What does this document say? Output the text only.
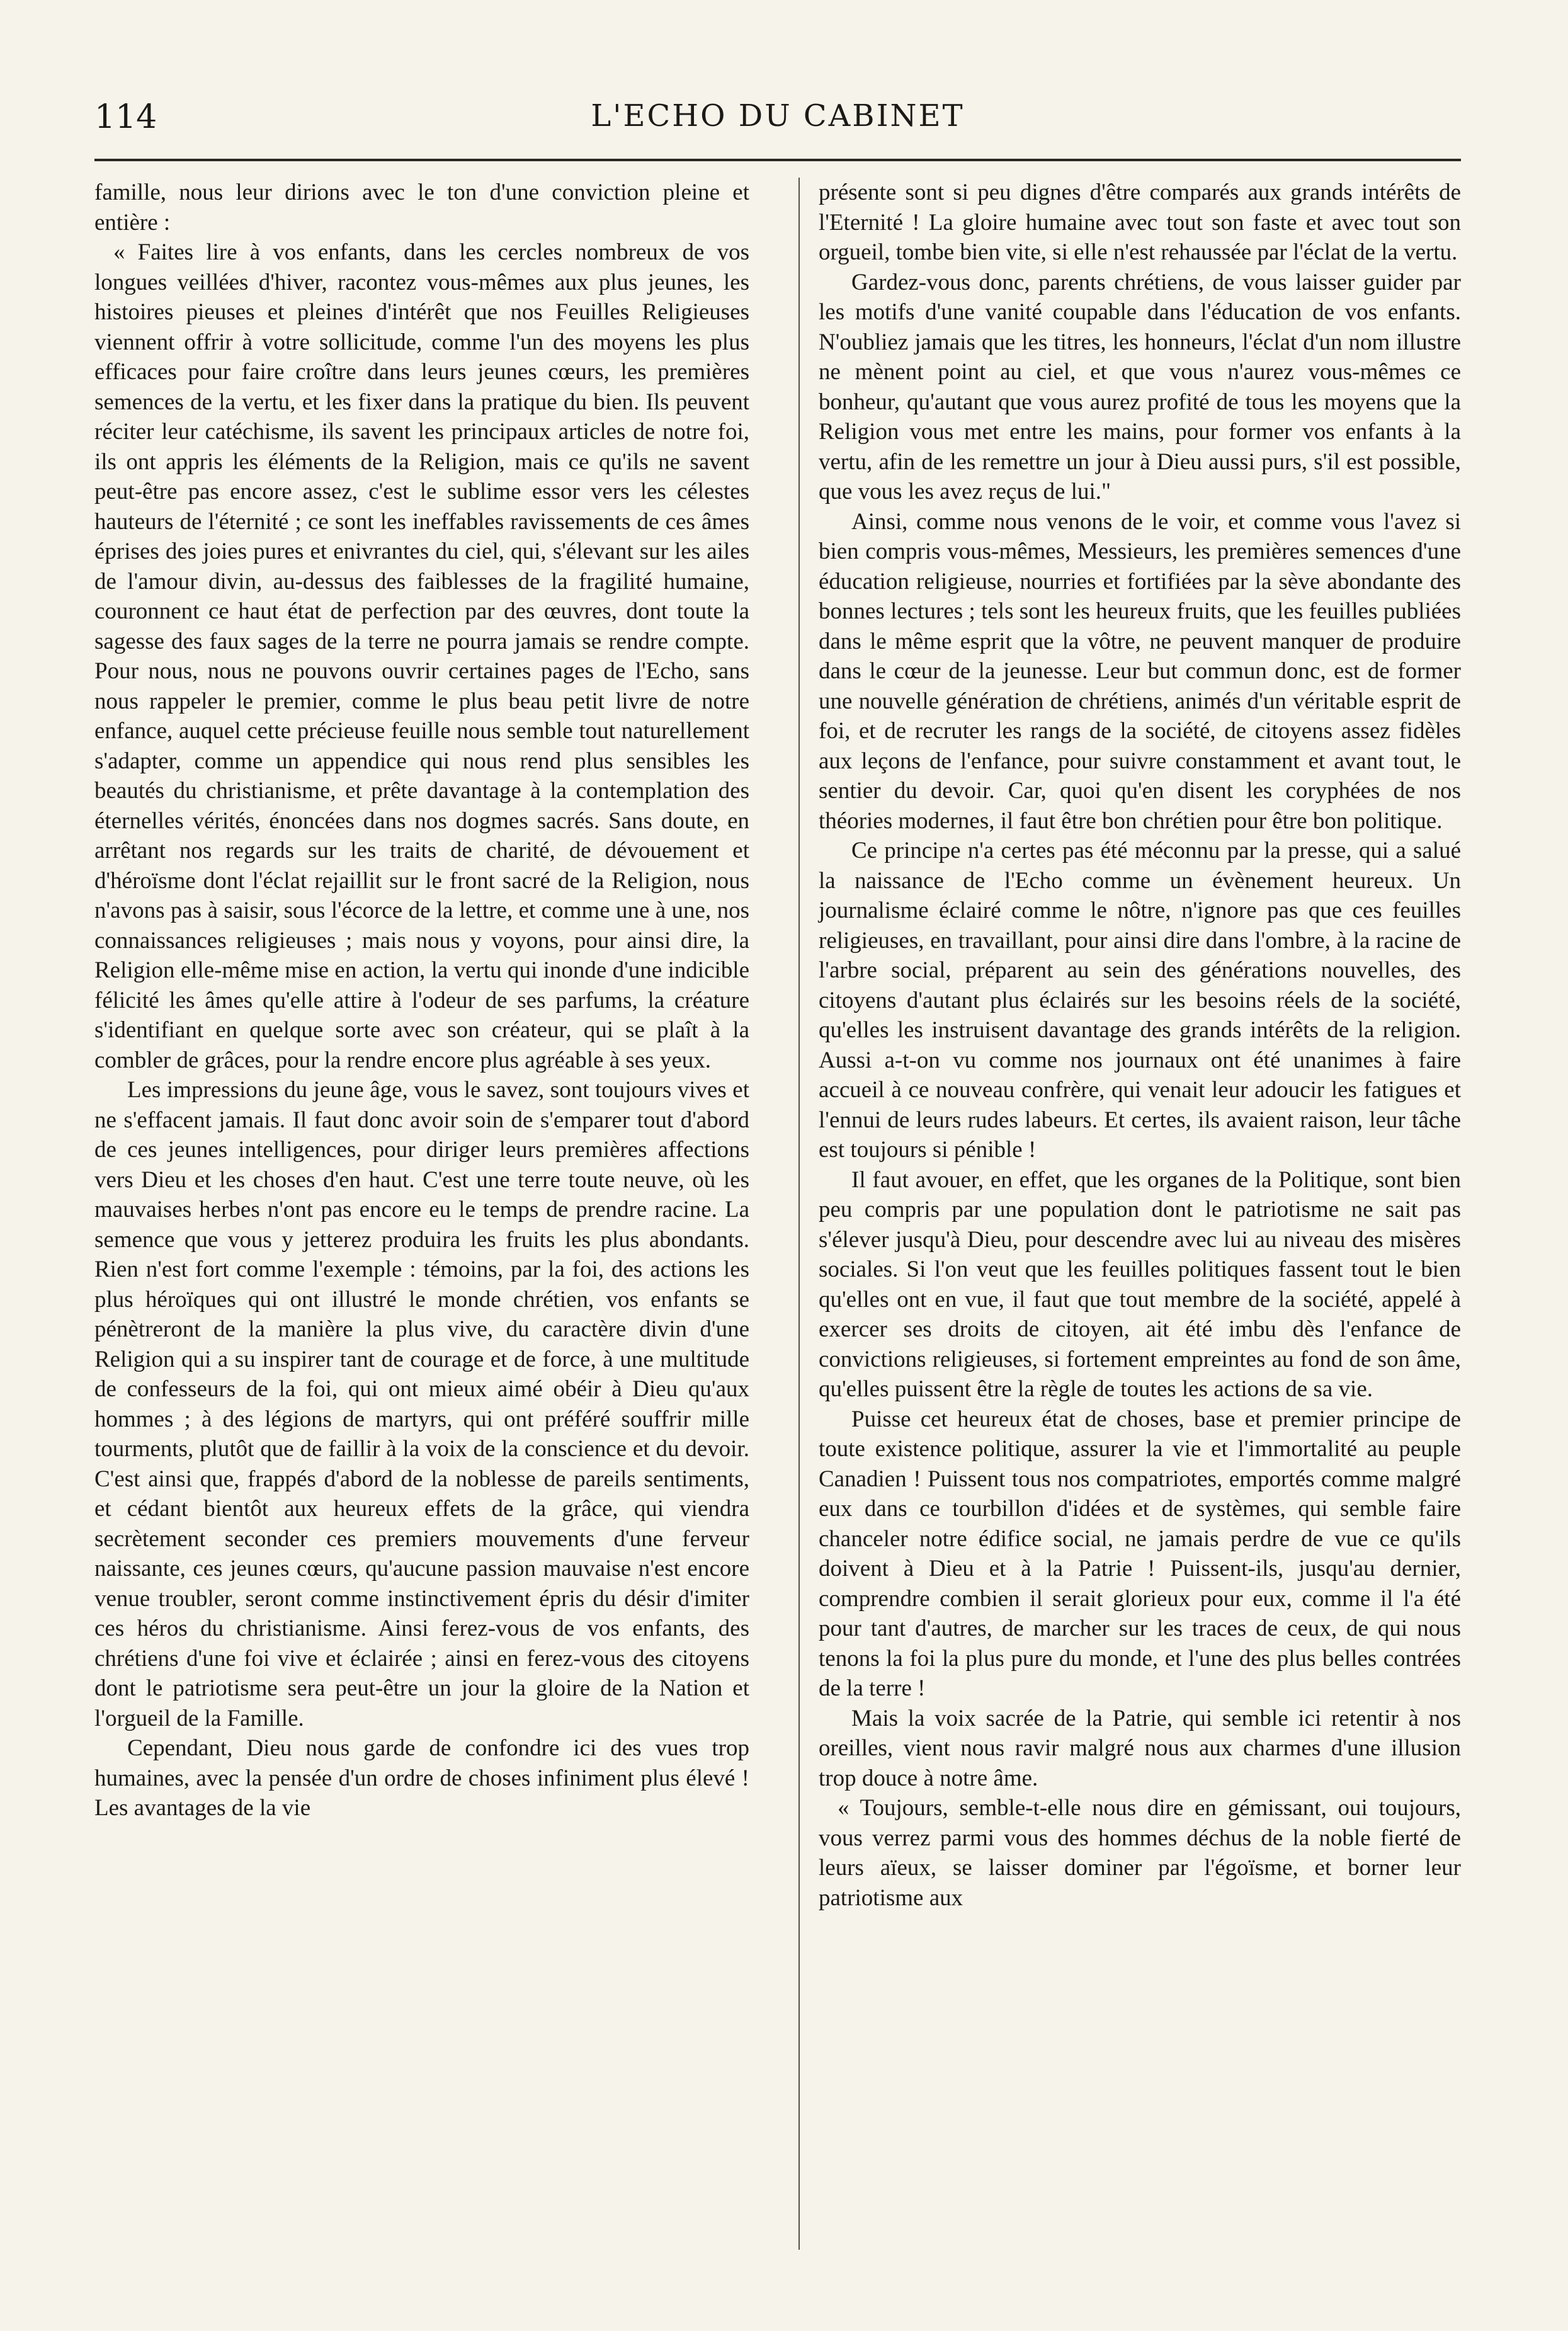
114	L'ECHO DU CABINET

famille, nous leur dirions avec le ton d'une conviction pleine et entière :

« Faites lire à vos enfants, dans les cercles nombreux de vos longues veillées d'hiver, racontez vous-mêmes aux plus jeunes, les histoires pieuses et pleines d'intérêt que nos Feuilles Religieuses viennent offrir à votre sollicitude, comme l'un des moyens les plus efficaces pour faire croître dans leurs jeunes cœurs, les premières semences de la vertu, et les fixer dans la pratique du bien. Ils peuvent réciter leur catéchisme, ils savent les principaux articles de notre foi, ils ont appris les éléments de la Religion, mais ce qu'ils ne savent peut-être pas encore assez, c'est le sublime essor vers les célestes hauteurs de l'éternité ; ce sont les ineffables ravissements de ces âmes éprises des joies pures et enivrantes du ciel, qui, s'élevant sur les ailes de l'amour divin, au-dessus des faiblesses de la fragilité humaine, couronnent ce haut état de perfection par des œuvres, dont toute la sagesse des faux sages de la terre ne pourra jamais se rendre compte. Pour nous, nous ne pouvons ouvrir certaines pages de l'Echo, sans nous rappeler le premier, comme le plus beau petit livre de notre enfance, auquel cette précieuse feuille nous semble tout naturellement s'adapter, comme un appendice qui nous rend plus sensibles les beautés du christianisme, et prête davantage à la contemplation des éternelles vérités, énoncées dans nos dogmes sacrés. Sans doute, en arrêtant nos regards sur les traits de charité, de dévouement et d'héroïsme dont l'éclat rejaillit sur le front sacré de la Religion, nous n'avons pas à saisir, sous l'écorce de la lettre, et comme une à une, nos connaissances religieuses ; mais nous y voyons, pour ainsi dire, la Religion elle-même mise en action, la vertu qui inonde d'une indicible félicité les âmes qu'elle attire à l'odeur de ses parfums, la créature s'identifiant en quelque sorte avec son créateur, qui se plaît à la combler de grâces, pour la rendre encore plus agréable à ses yeux.

Les impressions du jeune âge, vous le savez, sont toujours vives et ne s'effacent jamais. Il faut donc avoir soin de s'emparer tout d'abord de ces jeunes intelligences, pour diriger leurs premières affections vers Dieu et les choses d'en haut. C'est une terre toute neuve, où les mauvaises herbes n'ont pas encore eu le temps de prendre racine. La semence que vous y jetterez produira les fruits les plus abondants. Rien n'est fort comme l'exemple : témoins, par la foi, des actions les plus héroïques qui ont illustré le monde chrétien, vos enfants se pénètreront de la manière la plus vive, du caractère divin d'une Religion qui a su inspirer tant de courage et de force, à une multitude de confesseurs de la foi, qui ont mieux aimé obéir à Dieu qu'aux hommes ; à des légions de martyrs, qui ont préféré souffrir mille tourments, plutôt que de faillir à la voix de la conscience et du devoir. C'est ainsi que, frappés d'abord de la noblesse de pareils sentiments, et cédant bientôt aux heureux effets de la grâce, qui viendra secrètement seconder ces premiers mouvements d'une ferveur naissante, ces jeunes cœurs, qu'aucune passion mauvaise n'est encore venue troubler, seront comme instinctivement épris du désir d'imiter ces héros du christianisme. Ainsi ferez-vous de vos enfants, des chrétiens d'une foi vive et éclairée ; ainsi en ferez-vous des citoyens dont le patriotisme sera peut-être un jour la gloire de la Nation et l'orgueil de la Famille.

Cependant, Dieu nous garde de confondre ici des vues trop humaines, avec la pensée d'un ordre de choses infiniment plus élevé ! Les avantages de la vie

présente sont si peu dignes d'être comparés aux grands intérêts de l'Eternité ! La gloire humaine avec tout son faste et avec tout son orgueil, tombe bien vite, si elle n'est rehaussée par l'éclat de la vertu.

Gardez-vous donc, parents chrétiens, de vous laisser guider par les motifs d'une vanité coupable dans l'éducation de vos enfants. N'oubliez jamais que les titres, les honneurs, l'éclat d'un nom illustre ne mènent point au ciel, et que vous n'aurez vous-mêmes ce bonheur, qu'autant que vous aurez profité de tous les moyens que la Religion vous met entre les mains, pour former vos enfants à la vertu, afin de les remettre un jour à Dieu aussi purs, s'il est possible, que vous les avez reçus de lui."

Ainsi, comme nous venons de le voir, et comme vous l'avez si bien compris vous-mêmes, Messieurs, les premières semences d'une éducation religieuse, nourries et fortifiées par la sève abondante des bonnes lectures ; tels sont les heureux fruits, que les feuilles publiées dans le même esprit que la vôtre, ne peuvent manquer de produire dans le cœur de la jeunesse. Leur but commun donc, est de former une nouvelle génération de chrétiens, animés d'un véritable esprit de foi, et de recruter les rangs de la société, de citoyens assez fidèles aux leçons de l'enfance, pour suivre constamment et avant tout, le sentier du devoir. Car, quoi qu'en disent les coryphées de nos théories modernes, il faut être bon chrétien pour être bon politique.

Ce principe n'a certes pas été méconnu par la presse, qui a salué la naissance de l'Echo comme un évènement heureux. Un journalisme éclairé comme le nôtre, n'ignore pas que ces feuilles religieuses, en travaillant, pour ainsi dire dans l'ombre, à la racine de l'arbre social, préparent au sein des générations nouvelles, des citoyens d'autant plus éclairés sur les besoins réels de la société, qu'elles les instruisent davantage des grands intérêts de la religion. Aussi a-t-on vu comme nos journaux ont été unanimes à faire accueil à ce nouveau confrère, qui venait leur adoucir les fatigues et l'ennui de leurs rudes labeurs. Et certes, ils avaient raison, leur tâche est toujours si pénible !

Il faut avouer, en effet, que les organes de la Politique, sont bien peu compris par une population dont le patriotisme ne sait pas s'élever jusqu'à Dieu, pour descendre avec lui au niveau des misères sociales. Si l'on veut que les feuilles politiques fassent tout le bien qu'elles ont en vue, il faut que tout membre de la société, appelé à exercer ses droits de citoyen, ait été imbu dès l'enfance de convictions religieuses, si fortement empreintes au fond de son âme, qu'elles puissent être la règle de toutes les actions de sa vie.

Puisse cet heureux état de choses, base et premier principe de toute existence politique, assurer la vie et l'immortalité au peuple Canadien ! Puissent tous nos compatriotes, emportés comme malgré eux dans ce tourbillon d'idées et de systèmes, qui semble faire chanceler notre édifice social, ne jamais perdre de vue ce qu'ils doivent à Dieu et à la Patrie ! Puissent-ils, jusqu'au dernier, comprendre combien il serait glorieux pour eux, comme il l'a été pour tant d'autres, de marcher sur les traces de ceux, de qui nous tenons la foi la plus pure du monde, et l'une des plus belles contrées de la terre !

Mais la voix sacrée de la Patrie, qui semble ici retentir à nos oreilles, vient nous ravir malgré nous aux charmes d'une illusion trop douce à notre âme.

« Toujours, semble-t-elle nous dire en gémissant, oui toujours, vous verrez parmi vous des hommes déchus de la noble fierté de leurs aïeux, se laisser dominer par l'égoïsme, et borner leur patriotisme aux
